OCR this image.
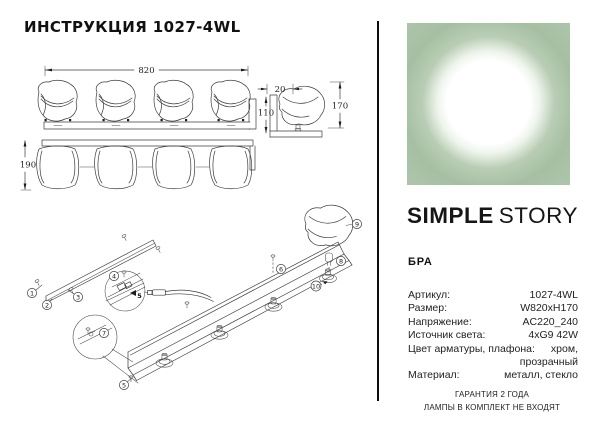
ИНСТРУКЦИЯ 1027-4WL
820
190
20
110
170
5
1
2
3
4
5
6
7
8
9
10
SIMPLE STORY
БРА
Артикул:	1027-4WL
Размер:	W820xH170
Напряжение:	AC220_240
Источник света:	4xG9 42W
Цвет арматуры, плафона: хром,
прозрачный
Материал:	металл, стекло
ГАРАНТИЯ 2 ГОДА
ЛАМПЫ В КОМПЛЕКТ НЕ ВХОДЯТ
